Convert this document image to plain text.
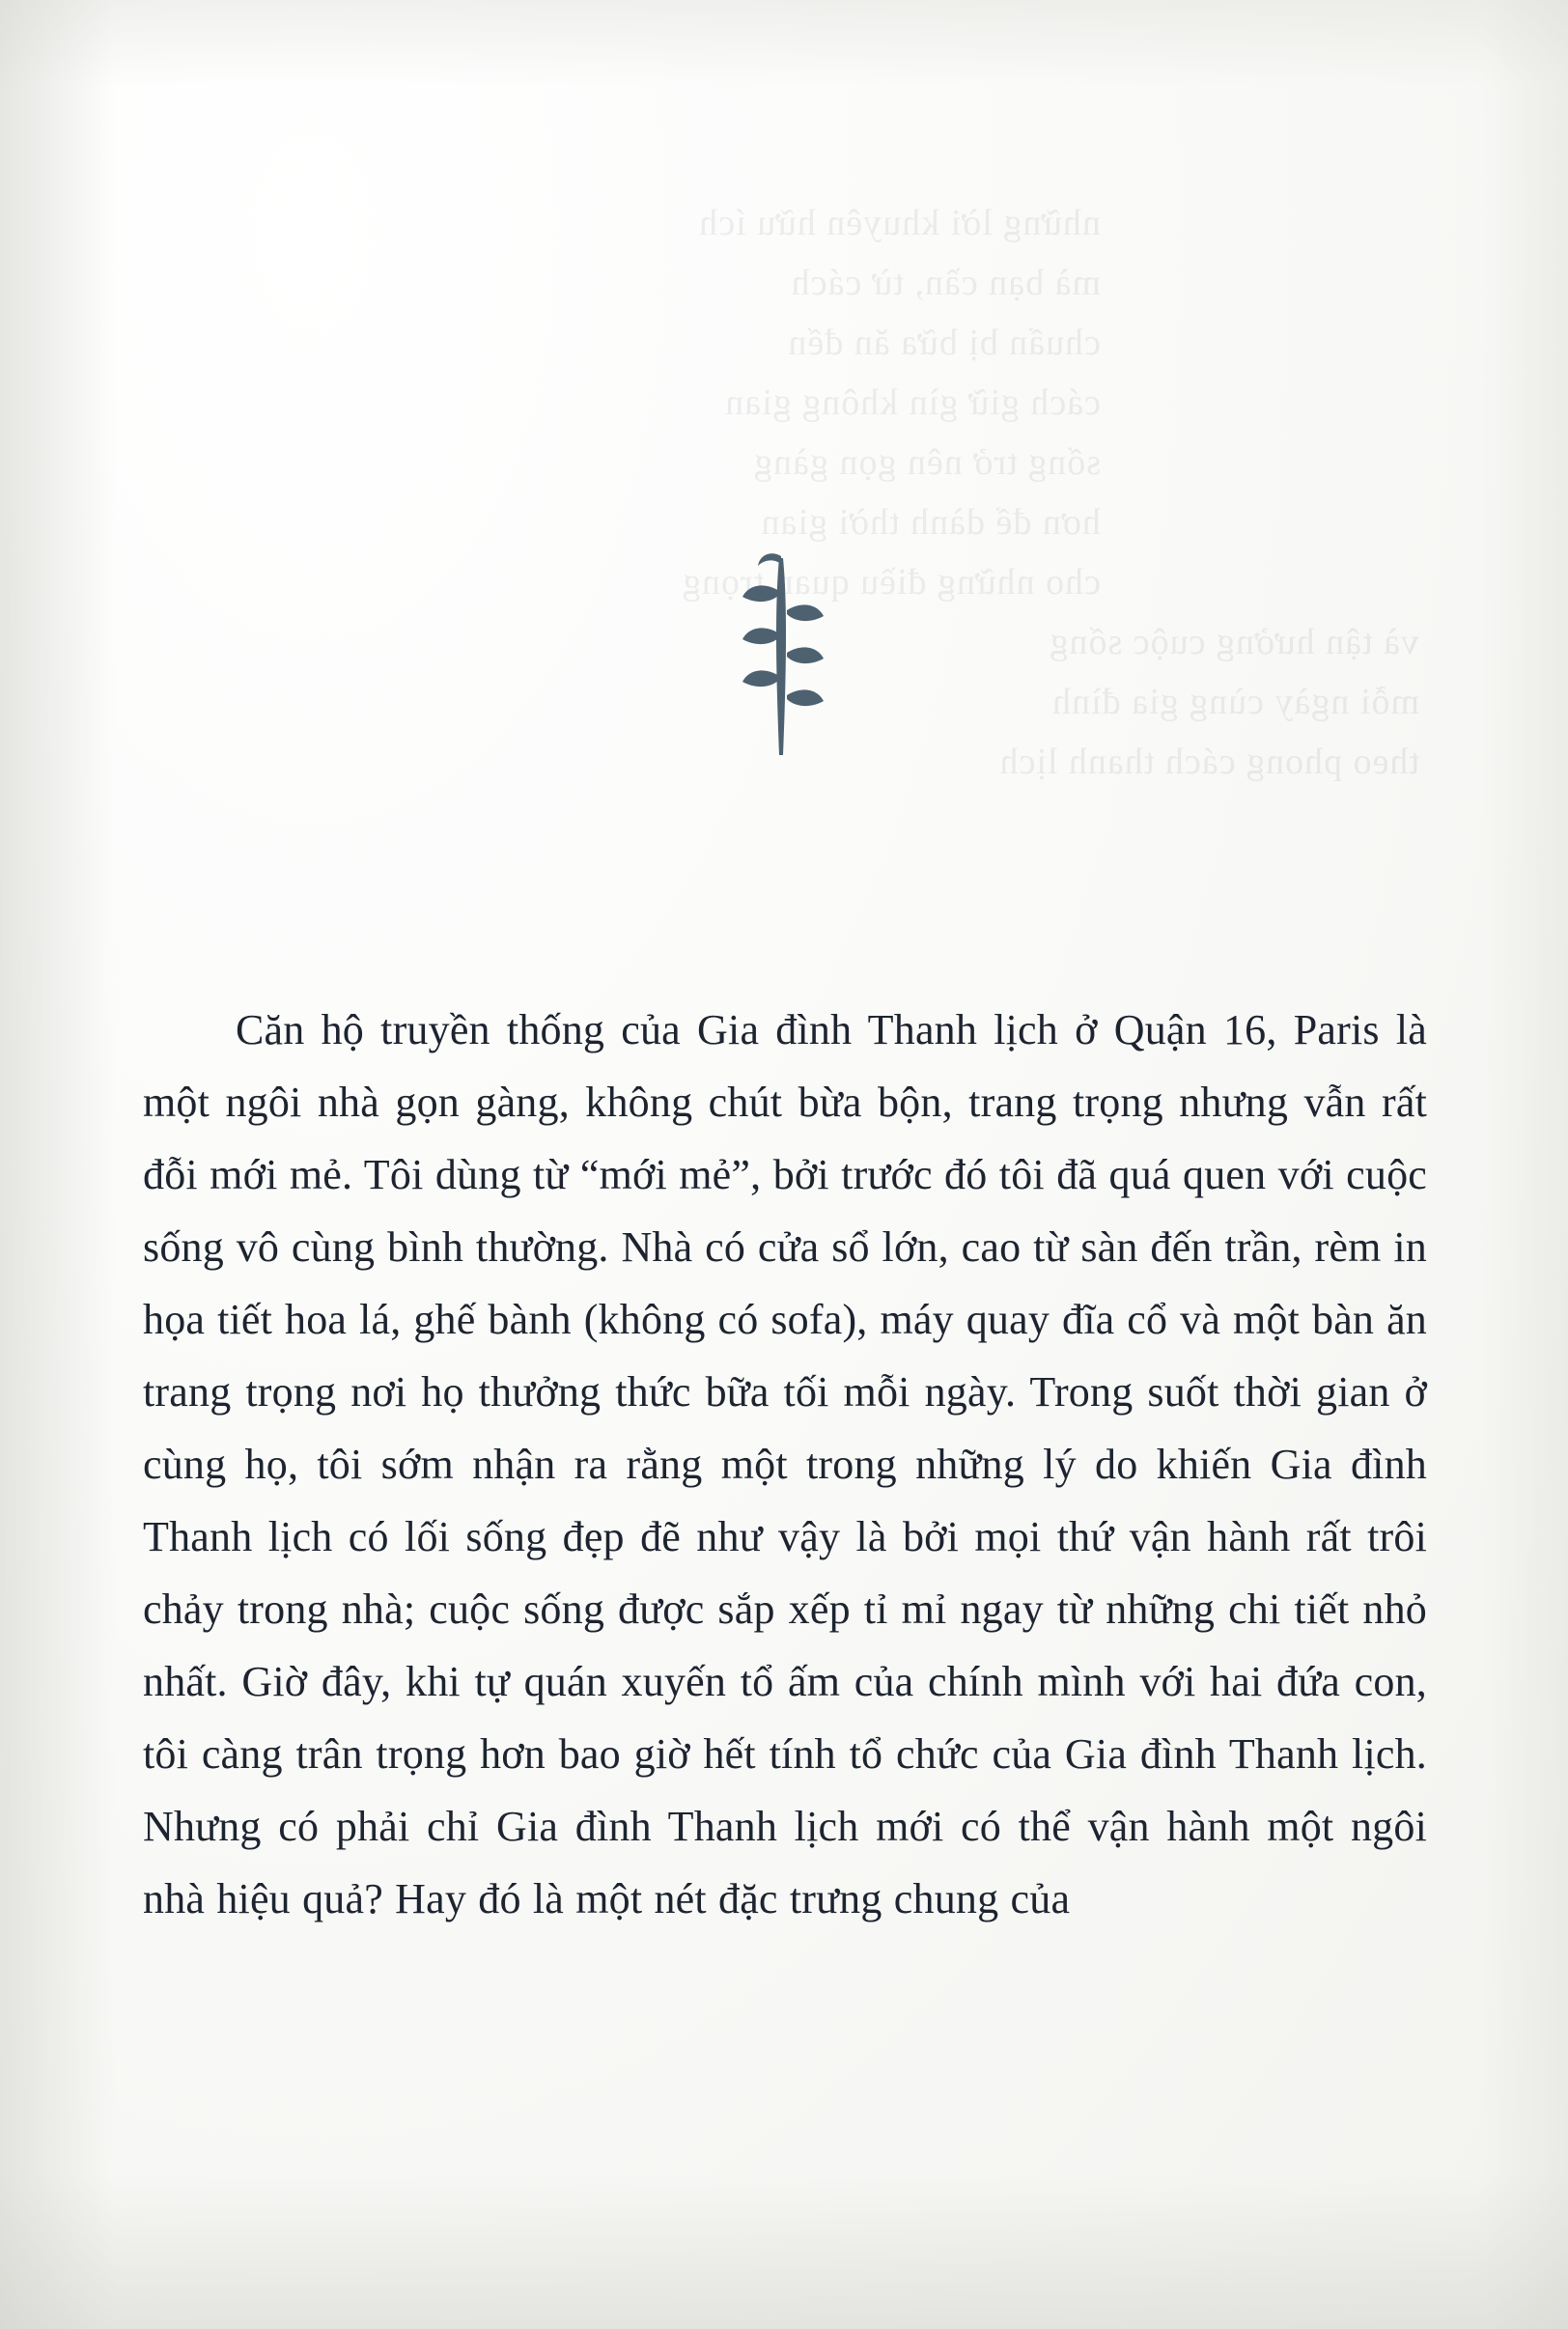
những lời khuyên hữu ích
mà bạn cần, từ cách
chuẩn bị bữa ăn đến
cách giữ gìn không gian
sống trở nên gọn gàng
hơn để dành thời gian
cho những điều quan trọng
và tận hưởng cuộc sống
mỗi ngày cùng gia đình
theo phong cách thanh lịch

Căn hộ truyền thống của Gia đình Thanh lịch ở Quận 16, Paris là một ngôi nhà gọn gàng, không chút bừa bộn, trang trọng nhưng vẫn rất đỗi mới mẻ. Tôi dùng từ “mới mẻ”, bởi trước đó tôi đã quá quen với cuộc sống vô cùng bình thường. Nhà có cửa sổ lớn, cao từ sàn đến trần, rèm in họa tiết hoa lá, ghế bành (không có sofa), máy quay đĩa cổ và một bàn ăn trang trọng nơi họ thưởng thức bữa tối mỗi ngày. Trong suốt thời gian ở cùng họ, tôi sớm nhận ra rằng một trong những lý do khiến Gia đình Thanh lịch có lối sống đẹp đẽ như vậy là bởi mọi thứ vận hành rất trôi chảy trong nhà; cuộc sống được sắp xếp tỉ mỉ ngay từ những chi tiết nhỏ nhất. Giờ đây, khi tự quán xuyến tổ ấm của chính mình với hai đứa con, tôi càng trân trọng hơn bao giờ hết tính tổ chức của Gia đình Thanh lịch. Nhưng có phải chỉ Gia đình Thanh lịch mới có thể vận hành một ngôi nhà hiệu quả? Hay đó là một nét đặc trưng chung của
